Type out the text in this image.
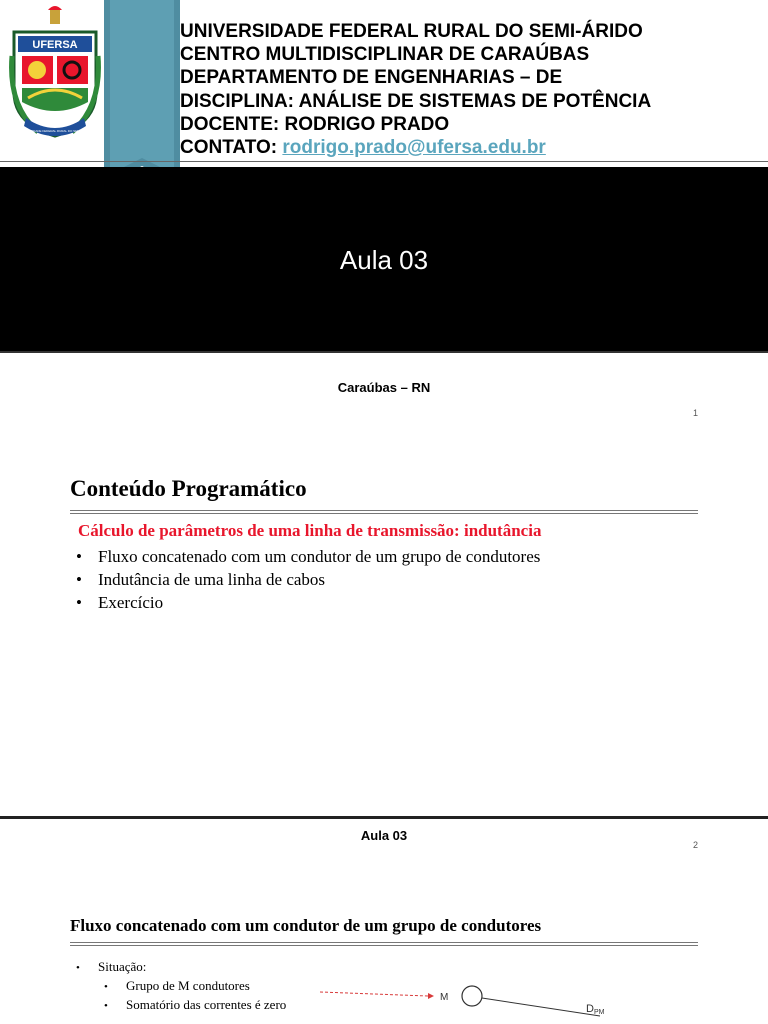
UFERSA
UNIVERSIDADE FEDERAL RURAL DO SEMI-ÁRIDO
UNIVERSIDADE FEDERAL RURAL DO SEMI-ÁRIDO
CENTRO MULTIDISCIPLINAR DE CARAÚBAS
DEPARTAMENTO DE ENGENHARIAS – DE
DISCIPLINA: ANÁLISE DE SISTEMAS DE POTÊNCIA
DOCENTE: RODRIGO PRADO
CONTATO: rodrigo.prado@ufersa.edu.br
Aula 03
Caraúbas – RN
1
Conteúdo Programático
Cálculo de parâmetros de uma linha de transmissão: indutância
• Fluxo concatenado com um condutor de um grupo de condutores
• Indutância de uma linha de cabos
• Exercício
Aula 03
2
Fluxo concatenado com um condutor de um grupo de condutores
• Situação:
• Grupo de M condutores
• Somatório das correntes é zero	M
DPM
